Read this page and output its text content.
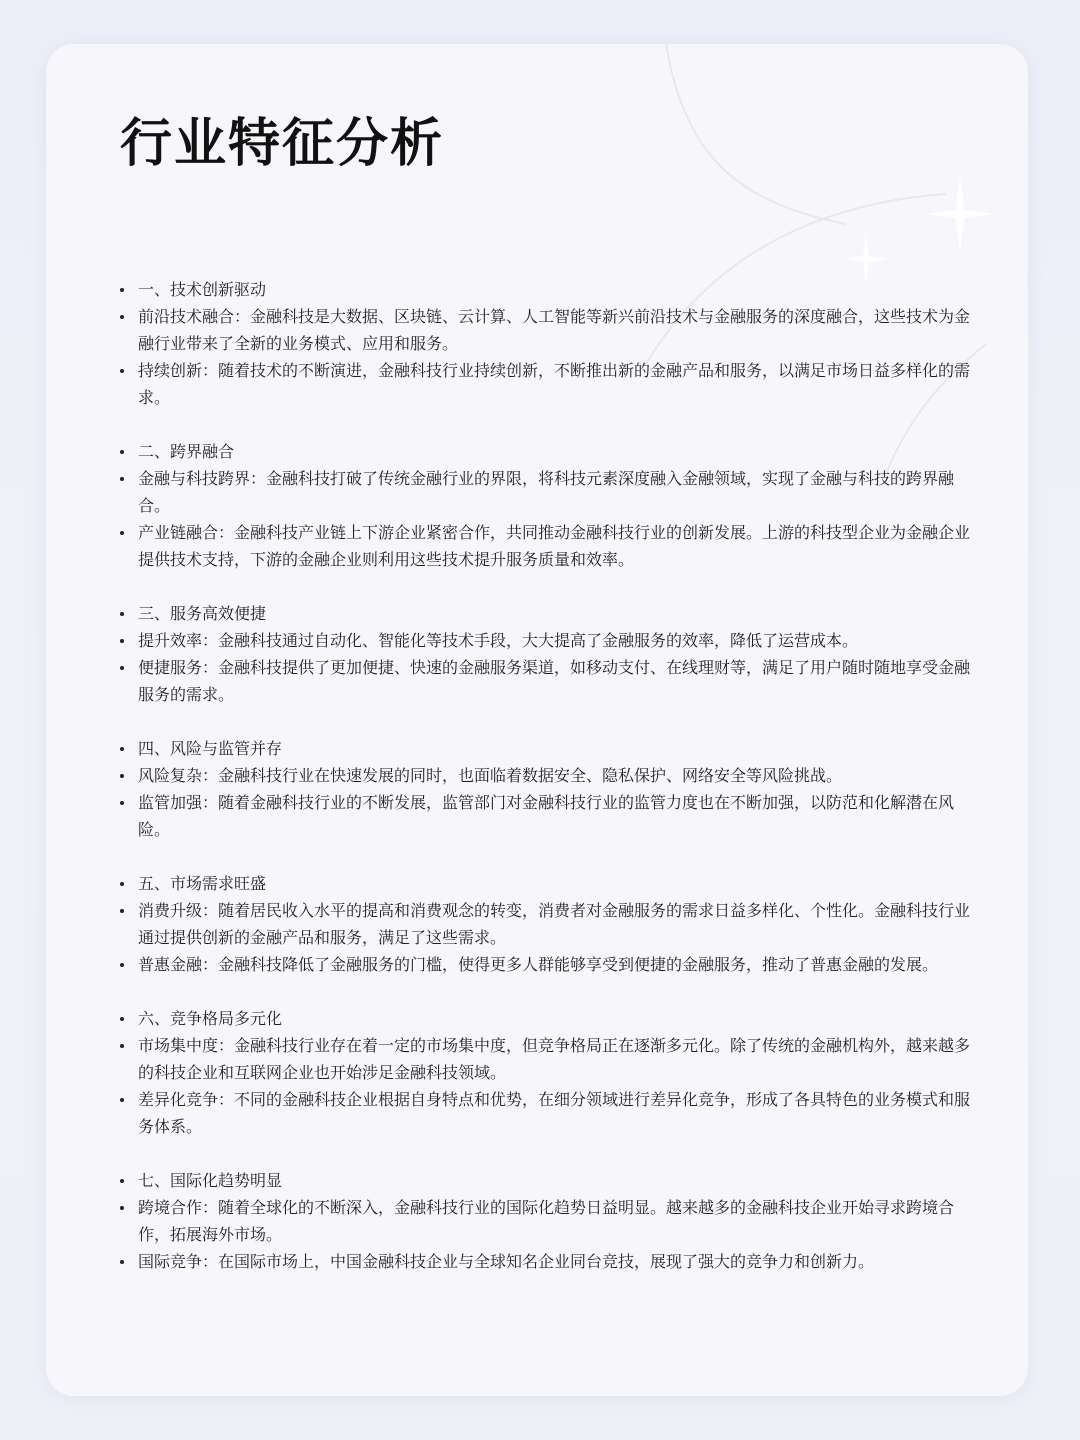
行业特征分析
一、技术创新驱动
前沿技术融合：金融科技是大数据、区块链、云计算、人工智能等新兴前沿技术与金融服务的深度融合，这些技术为金融行业带来了全新的业务模式、应用和服务。
持续创新：随着技术的不断演进，金融科技行业持续创新，不断推出新的金融产品和服务，以满足市场日益多样化的需求。
二、跨界融合
金融与科技跨界：金融科技打破了传统金融行业的界限，将科技元素深度融入金融领域，实现了金融与科技的跨界融合。
产业链融合：金融科技产业链上下游企业紧密合作，共同推动金融科技行业的创新发展。上游的科技型企业为金融企业提供技术支持，下游的金融企业则利用这些技术提升服务质量和效率。
三、服务高效便捷
提升效率：金融科技通过自动化、智能化等技术手段，大大提高了金融服务的效率，降低了运营成本。
便捷服务：金融科技提供了更加便捷、快速的金融服务渠道，如移动支付、在线理财等，满足了用户随时随地享受金融服务的需求。
四、风险与监管并存
风险复杂：金融科技行业在快速发展的同时，也面临着数据安全、隐私保护、网络安全等风险挑战。
监管加强：随着金融科技行业的不断发展，监管部门对金融科技行业的监管力度也在不断加强，以防范和化解潜在风险。
五、市场需求旺盛
消费升级：随着居民收入水平的提高和消费观念的转变，消费者对金融服务的需求日益多样化、个性化。金融科技行业通过提供创新的金融产品和服务，满足了这些需求。
普惠金融：金融科技降低了金融服务的门槛，使得更多人群能够享受到便捷的金融服务，推动了普惠金融的发展。
六、竞争格局多元化
市场集中度：金融科技行业存在着一定的市场集中度，但竞争格局正在逐渐多元化。除了传统的金融机构外，越来越多的科技企业和互联网企业也开始涉足金融科技领域。
差异化竞争：不同的金融科技企业根据自身特点和优势，在细分领域进行差异化竞争，形成了各具特色的业务模式和服务体系。
七、国际化趋势明显
跨境合作：随着全球化的不断深入，金融科技行业的国际化趋势日益明显。越来越多的金融科技企业开始寻求跨境合作，拓展海外市场。
国际竞争：在国际市场上，中国金融科技企业与全球知名企业同台竞技，展现了强大的竞争力和创新力。
